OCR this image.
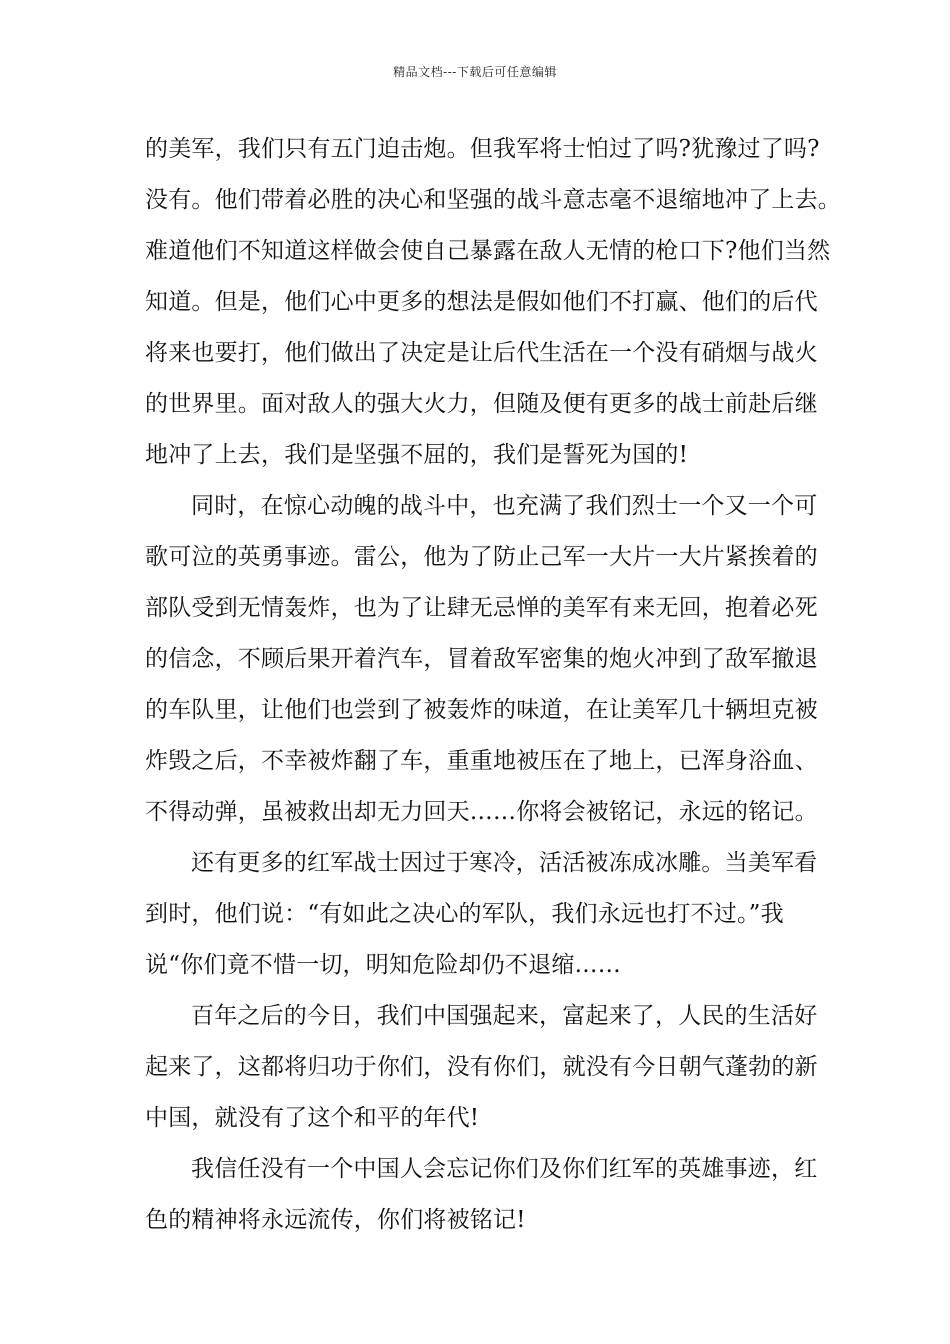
精品文档---下载后可任意编辑
的美军，我们只有五门迫击炮。但我军将士怕过了吗?犹豫过了吗?
没有。他们带着必胜的决心和坚强的战斗意志毫不退缩地冲了上去。
难道他们不知道这样做会使自己暴露在敌人无情的枪口下?他们当然
知道。但是，他们心中更多的想法是假如他们不打赢、他们的后代
将来也要打，他们做出了决定是让后代生活在一个没有硝烟与战火
的世界里。面对敌人的强大火力，但随及便有更多的战士前赴后继
地冲了上去，我们是坚强不屈的，我们是誓死为国的!
同时，在惊心动魄的战斗中，也充满了我们烈士一个又一个可
歌可泣的英勇事迹。雷公，他为了防止己军一大片一大片紧挨着的
部队受到无情轰炸，也为了让肆无忌惮的美军有来无回，抱着必死
的信念，不顾后果开着汽车，冒着敌军密集的炮火冲到了敌军撤退
的车队里，让他们也尝到了被轰炸的味道，在让美军几十辆坦克被
炸毁之后，不幸被炸翻了车，重重地被压在了地上，已浑身浴血、
不得动弹，虽被救出却无力回天……你将会被铭记，永远的铭记。
还有更多的红军战士因过于寒冷，活活被冻成冰雕。当美军看
到时，他们说：“有如此之决心的军队，我们永远也打不过。”我
说“你们竟不惜一切，明知危险却仍不退缩……
百年之后的今日，我们中国强起来，富起来了，人民的生活好
起来了，这都将归功于你们，没有你们，就没有今日朝气蓬勃的新
中国，就没有了这个和平的年代!
我信任没有一个中国人会忘记你们及你们红军的英雄事迹，红
色的精神将永远流传，你们将被铭记!
